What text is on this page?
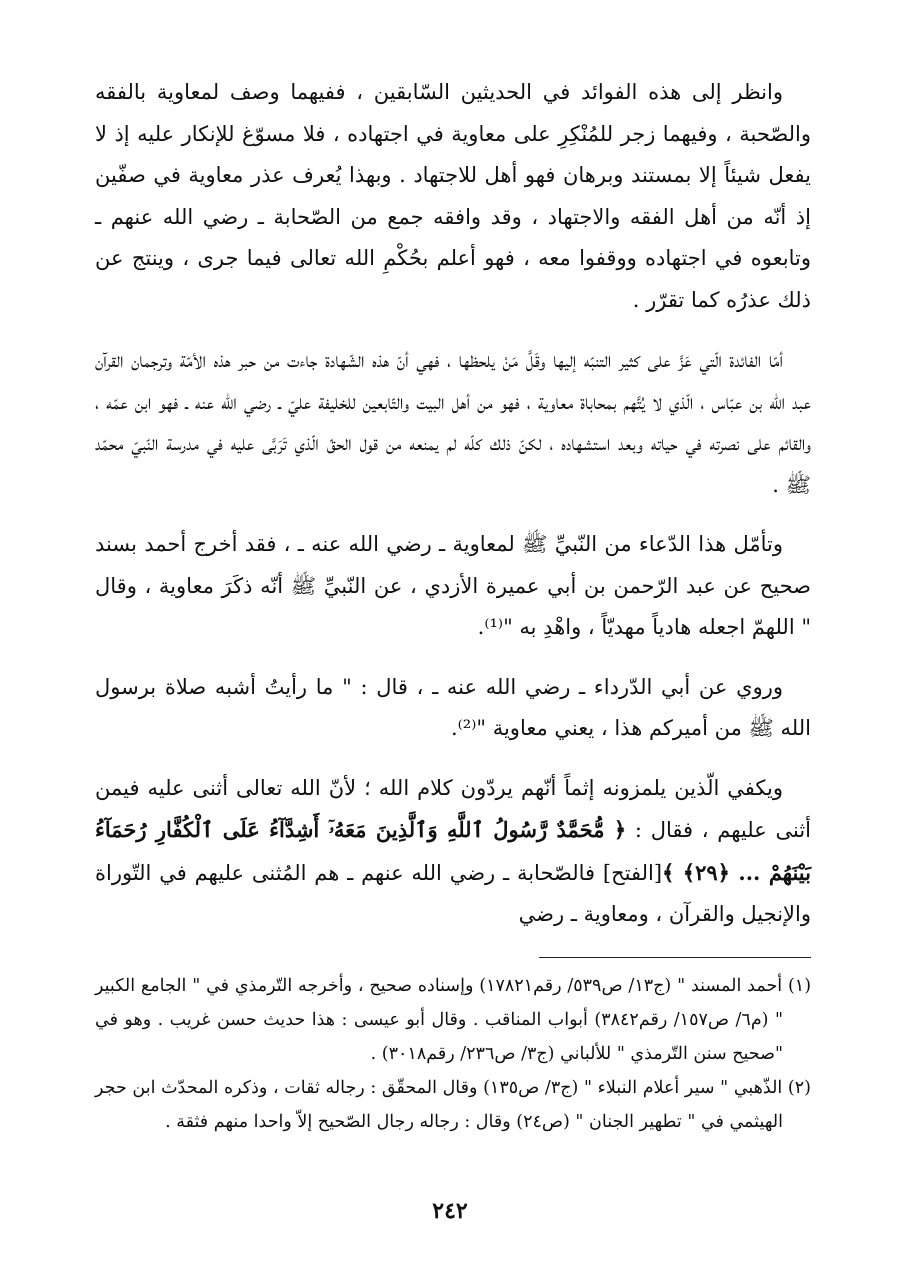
وانظر إلى هذه الفوائد في الحديثين السّابقين ، ففيهما وصف لمعاوية بالفقه والصّحبة ، وفيهما زجر للمُنْكِرِ على معاوية في اجتهاده ، فلا مسوّغ للإنكار عليه إذ لا يفعل شيئاً إلا بمستند وبرهان فهو أهل للاجتهاد . وبهذا يُعرف عذر معاوية في صفّين إذ أنّه من أهل الفقه والاجتهاد ، وقد وافقه جمع من الصّحابة ـ رضي الله عنهم ـ وتابعوه في اجتهاده ووقفوا معه ، فهو أعلم بحُكْمِ الله تعالى فيما جرى ، وينتج عن ذلك عذرُه كما تقرّر .

أمّا الفائدة الّتي عَزَّ على كثير التنبّه إليها وقَلَّ مَنْ يلحظها ، فهي أنّ هذه الشّهادة جاءت من حبر هذه الأمّة وترجمان القرآن عبد الله بن عبّاس ، الّذي لا يُتَّهم بمحاباة معاوية ، فهو من أهل البيت والتّابعين للخليفة عليّ ـ رضي الله عنه ـ فهو ابن عمّه ، والقائم على نصرته في حياته وبعد استشهاده ، لكنّ ذلك كلّه لم يمنعه من قول الحقّ الّذي تَرَبَّى عليه في مدرسة النّبيّ محمّد ﷺ .

وتأمّل هذا الدّعاء من النّبيِّ ﷺ لمعاوية ـ رضي الله عنه ـ ، فقد أخرج أحمد بسند صحيح عن عبد الرّحمن بن أبي عميرة الأزدي ، عن النّبيِّ ﷺ أنّه ذكَرَ معاوية ، وقال " اللهمّ اجعله هادياً مهديّاً ، واهْدِ به "⁽¹⁾.

وروي عن أبي الدّرداء ـ رضي الله عنه ـ ، قال : " ما رأيتُ أشبه صلاة برسول الله ﷺ من أميركم هذا ، يعني معاوية "⁽²⁾.

ويكفي الّذين يلمزونه إثماً أنّهم يردّون كلام الله ؛ لأنّ الله تعالى أثنى عليه فيمن أثنى عليهم ، فقال : ﴿ مُّحَمَّدٌ رَّسُولُ ٱللَّهِ وَٱلَّذِينَ مَعَهُۥٓ أَشِدَّآءُ عَلَى ٱلْكُفَّارِ رُحَمَآءُ بَيْنَهُمْ ... ﴿٢٩﴾ ﴾[الفتح] فالصّحابة ـ رضي الله عنهم ـ هم المُثنى عليهم في التّوراة والإنجيل والقرآن ، ومعاوية ـ رضي

(١) أحمد المسند " (ج١٣/ ص٥٣٩/ رقم١٧٨٢١) وإسناده صحيح ، وأخرجه التّرمذي في " الجامع الكبير " (م٦/ ص١٥٧/ رقم٣٨٤٢) أبواب المناقب . وقال أبو عيسى : هذا حديث حسن غريب . وهو في "صحيح سنن التّرمذي " للألباني (ج٣/ ص٢٣٦/ رقم٣٠١٨) .

(٢) الذّهبي " سير أعلام النبلاء " (ج٣/ ص١٣٥) وقال المحقّق : رجاله ثقات ، وذكره المحدّث ابن حجر الهيثمي في " تطهير الجنان " (ص٢٤) وقال : رجاله رجال الصّحيح إلاّ واحدا منهم فثقة .

٢٤٢
